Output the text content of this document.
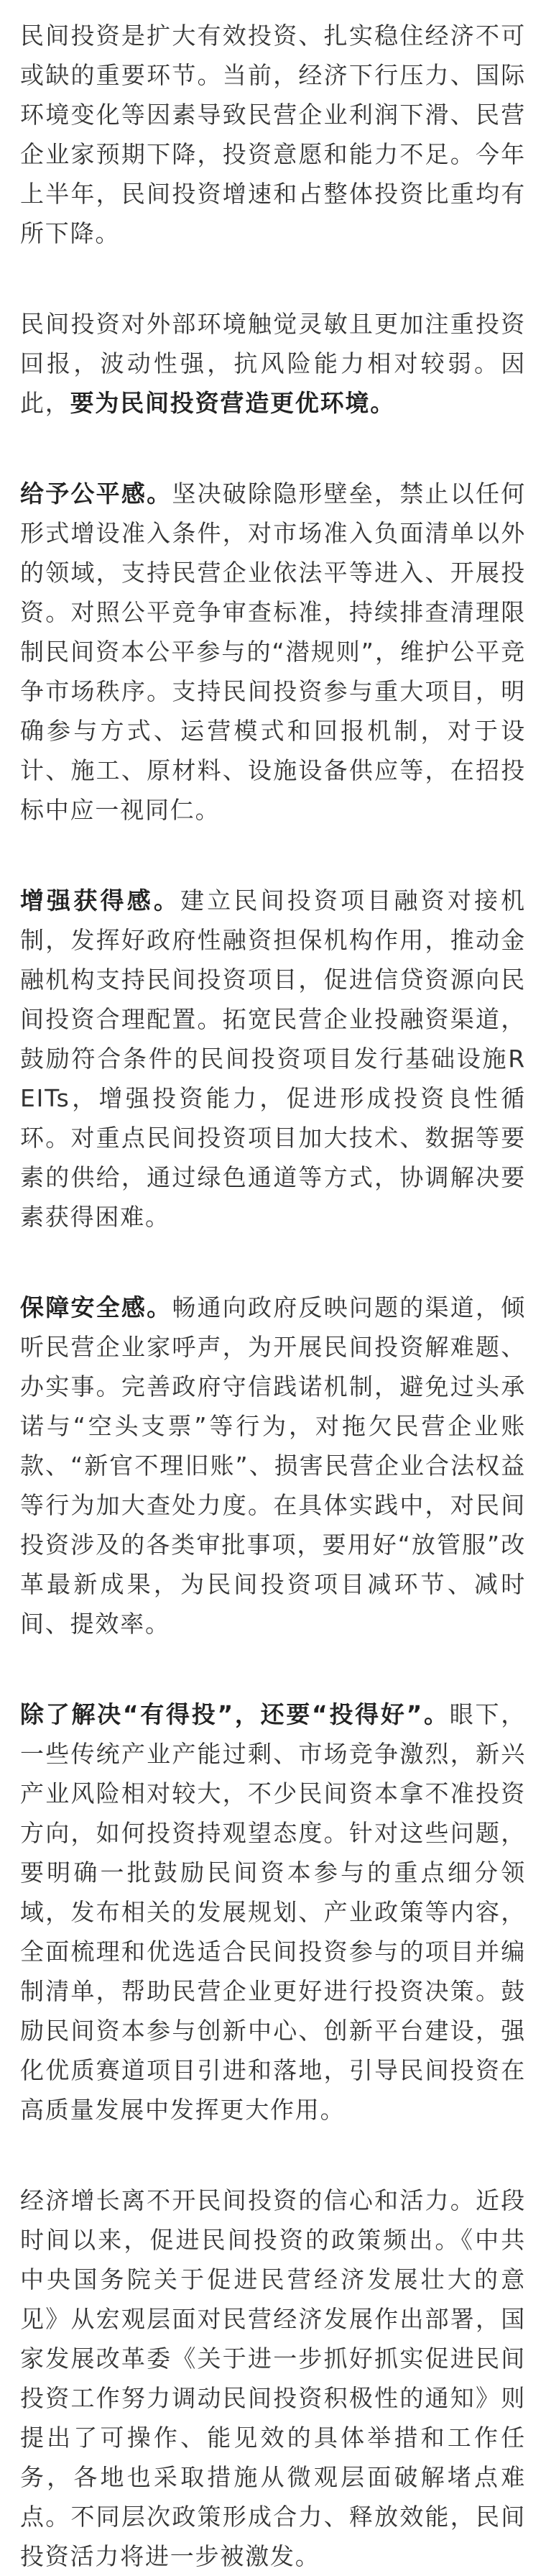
民间投资是扩大有效投资、扎实稳住经济不可或缺的重要环节。当前，经济下行压力、国际环境变化等因素导致民营企业利润下滑、民营企业家预期下降，投资意愿和能力不足。今年上半年，民间投资增速和占整体投资比重均有所下降。

民间投资对外部环境触觉灵敏且更加注重投资回报，波动性强，抗风险能力相对较弱。因此，要为民间投资营造更优环境。

给予公平感。坚决破除隐形壁垒，禁止以任何形式增设准入条件，对市场准入负面清单以外的领域，支持民营企业依法平等进入、开展投资。对照公平竞争审查标准，持续排查清理限制民间资本公平参与的“潜规则”，维护公平竞争市场秩序。支持民间投资参与重大项目，明确参与方式、运营模式和回报机制，对于设计、施工、原材料、设施设备供应等，在招投标中应一视同仁。

增强获得感。建立民间投资项目融资对接机制，发挥好政府性融资担保机构作用，推动金融机构支持民间投资项目，促进信贷资源向民间投资合理配置。拓宽民营企业投融资渠道，鼓励符合条件的民间投资项目发行基础设施REITs，增强投资能力，促进形成投资良性循环。对重点民间投资项目加大技术、数据等要素的供给，通过绿色通道等方式，协调解决要素获得困难。

保障安全感。畅通向政府反映问题的渠道，倾听民营企业家呼声，为开展民间投资解难题、办实事。完善政府守信践诺机制，避免过头承诺与“空头支票”等行为，对拖欠民营企业账款、“新官不理旧账”、损害民营企业合法权益等行为加大查处力度。在具体实践中，对民间投资涉及的各类审批事项，要用好“放管服”改革最新成果，为民间投资项目减环节、减时间、提效率。

除了解决“有得投”，还要“投得好”。眼下，一些传统产业产能过剩、市场竞争激烈，新兴产业风险相对较大，不少民间资本拿不准投资方向，如何投资持观望态度。针对这些问题，要明确一批鼓励民间资本参与的重点细分领域，发布相关的发展规划、产业政策等内容，全面梳理和优选适合民间投资参与的项目并编制清单，帮助民营企业更好进行投资决策。鼓励民间资本参与创新中心、创新平台建设，强化优质赛道项目引进和落地，引导民间投资在高质量发展中发挥更大作用。

经济增长离不开民间投资的信心和活力。近段时间以来，促进民间投资的政策频出。《中共中央国务院关于促进民营经济发展壮大的意见》从宏观层面对民营经济发展作出部署，国家发展改革委《关于进一步抓好抓实促进民间投资工作努力调动民间投资积极性的通知》则提出了可操作、能见效的具体举措和工作任务，各地也采取措施从微观层面破解堵点难点。不同层次政策形成合力、释放效能，民间投资活力将进一步被激发。
